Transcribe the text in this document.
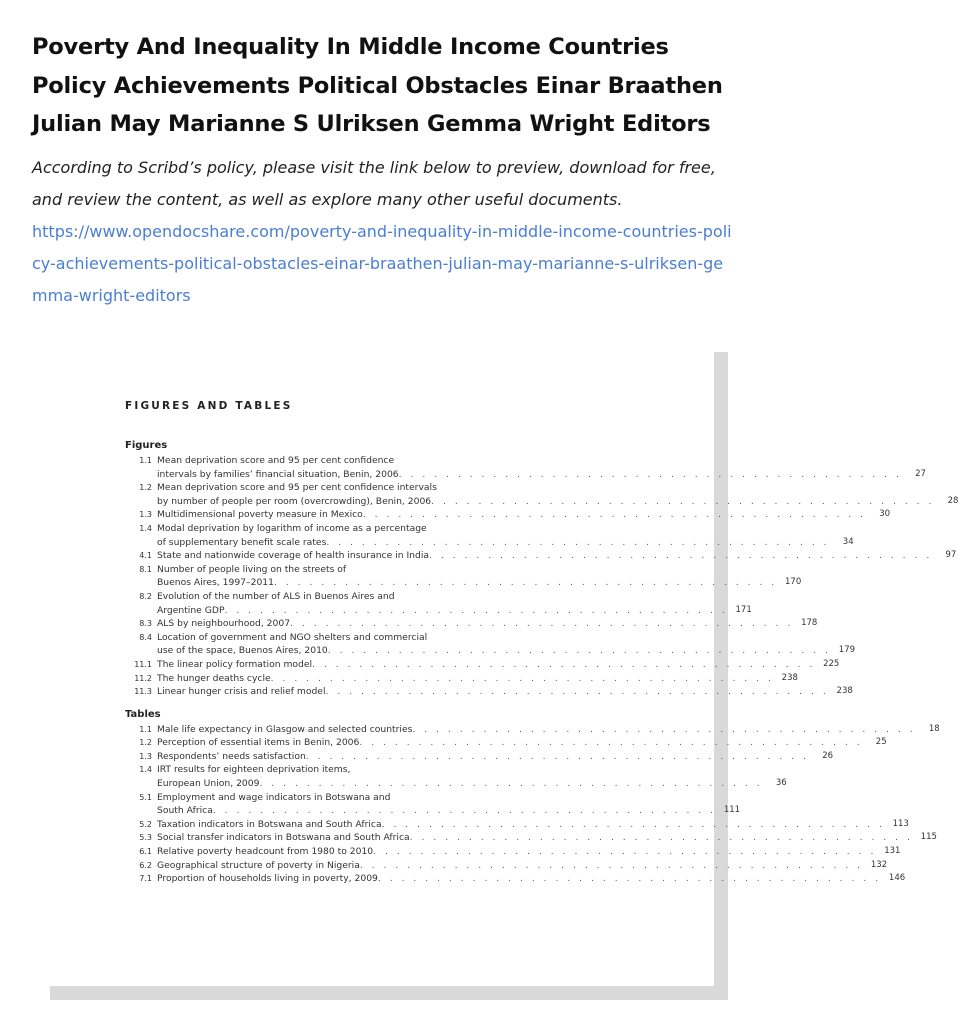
Poverty And Inequality In Middle Income Countries Policy Achievements Political Obstacles Einar Braathen Julian May Marianne S Ulriksen Gemma Wright Editors

According to Scribd’s policy, please visit the link below to preview, download for free, and review the content, as well as explore many other useful documents.

https://www.opendocshare.com/poverty-and-inequality-in-middle-income-countries-policy-achievements-political-obstacles-einar-braathen-julian-may-marianne-s-ulriksen-gemma-wright-editors
FIGURES AND TABLES
Figures
1.1 Mean deprivation score and 95 per cent confidence
intervals by families’ financial situation, Benin, 2006 . . .	27
1.2 Mean deprivation score and 95 per cent confidence intervals
by number of people per room (overcrowding), Benin, 2006 . . .	28
1.3 Multidimensional poverty measure in Mexico . . .	30
1.4 Modal deprivation by logarithm of income as a percentage
of supplementary benefit scale rates . . .	34
4.1 State and nationwide coverage of health insurance in India . . .	97
8.1 Number of people living on the streets of
Buenos Aires, 1997–2011 . . .	170
8.2 Evolution of the number of ALS in Buenos Aires and
Argentine GDP . . .	171
8.3 ALS by neighbourhood, 2007 . . .	178
8.4 Location of government and NGO shelters and commercial
use of the space, Buenos Aires, 2010 . . .	179
11.1 The linear policy formation model . . .	225
11.2 The hunger deaths cycle . . .	238
11.3 Linear hunger crisis and relief model . . .	238
Tables
1.1 Male life expectancy in Glasgow and selected countries . . .	18
1.2 Perception of essential items in Benin, 2006 . . .	25
1.3 Respondents’ needs satisfaction . . .	26
1.4 IRT results for eighteen deprivation items,
European Union, 2009 . . .	36
5.1 Employment and wage indicators in Botswana and
South Africa . . .	111
5.2 Taxation indicators in Botswana and South Africa . . .	113
5.3 Social transfer indicators in Botswana and South Africa . . .	115
6.1 Relative poverty headcount from 1980 to 2010 . . .	131
6.2 Geographical structure of poverty in Nigeria . . .	132
7.1 Proportion of households living in poverty, 2009 . . .	146
